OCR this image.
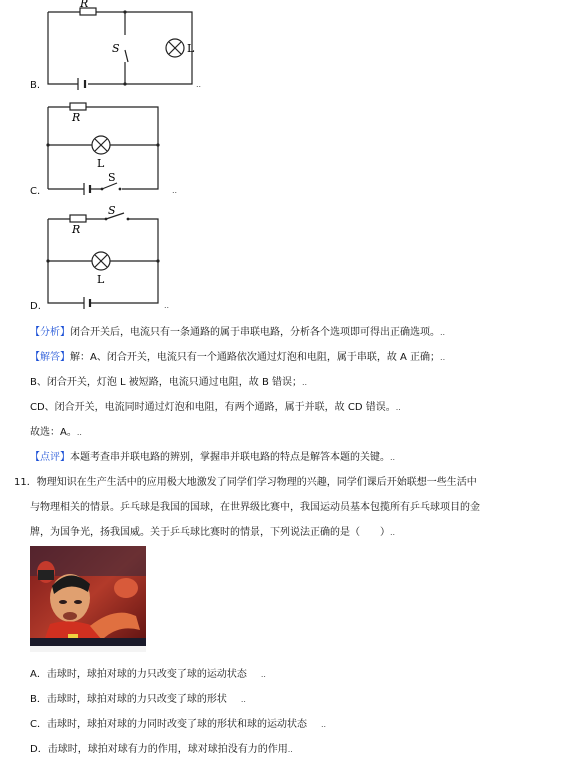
R
S	L
B.	..
R
L
S
C.	..
R
S
L
D.	..
【分析】闭合开关后，电流只有一条通路的属于串联电路，分析各个选项即可得出正确选项。..
【解答】解：A、闭合开关，电流只有一个通路依次通过灯泡和电阻，属于串联，故 A 正确；..
B、闭合开关，灯泡 L 被短路，电流只通过电阻，故 B 错误；..
CD、闭合开关，电流同时通过灯泡和电阻，有两个通路，属于并联，故 CD 错误。..
故选：A。..
【点评】本题考查串并联电路的辨别，掌握串并联电路的特点是解答本题的关键。..
11．物理知识在生产生活中的应用极大地激发了同学们学习物理的兴趣，同学们课后开始联想一些生活中
与物理相关的情景。乒乓球是我国的国球，在世界级比赛中，我国运动员基本包揽所有乒乓球项目的金
牌，为国争光，扬我国威。关于乒乓球比赛时的情景，下列说法正确的是（　　）..
A．击球时，球拍对球的力只改变了球的运动状态 ..
B．击球时，球拍对球的力只改变了球的形状 ..
C．击球时，球拍对球的力同时改变了球的形状和球的运动状态 ..
D．击球时，球拍对球有力的作用，球对球拍没有力的作用..
